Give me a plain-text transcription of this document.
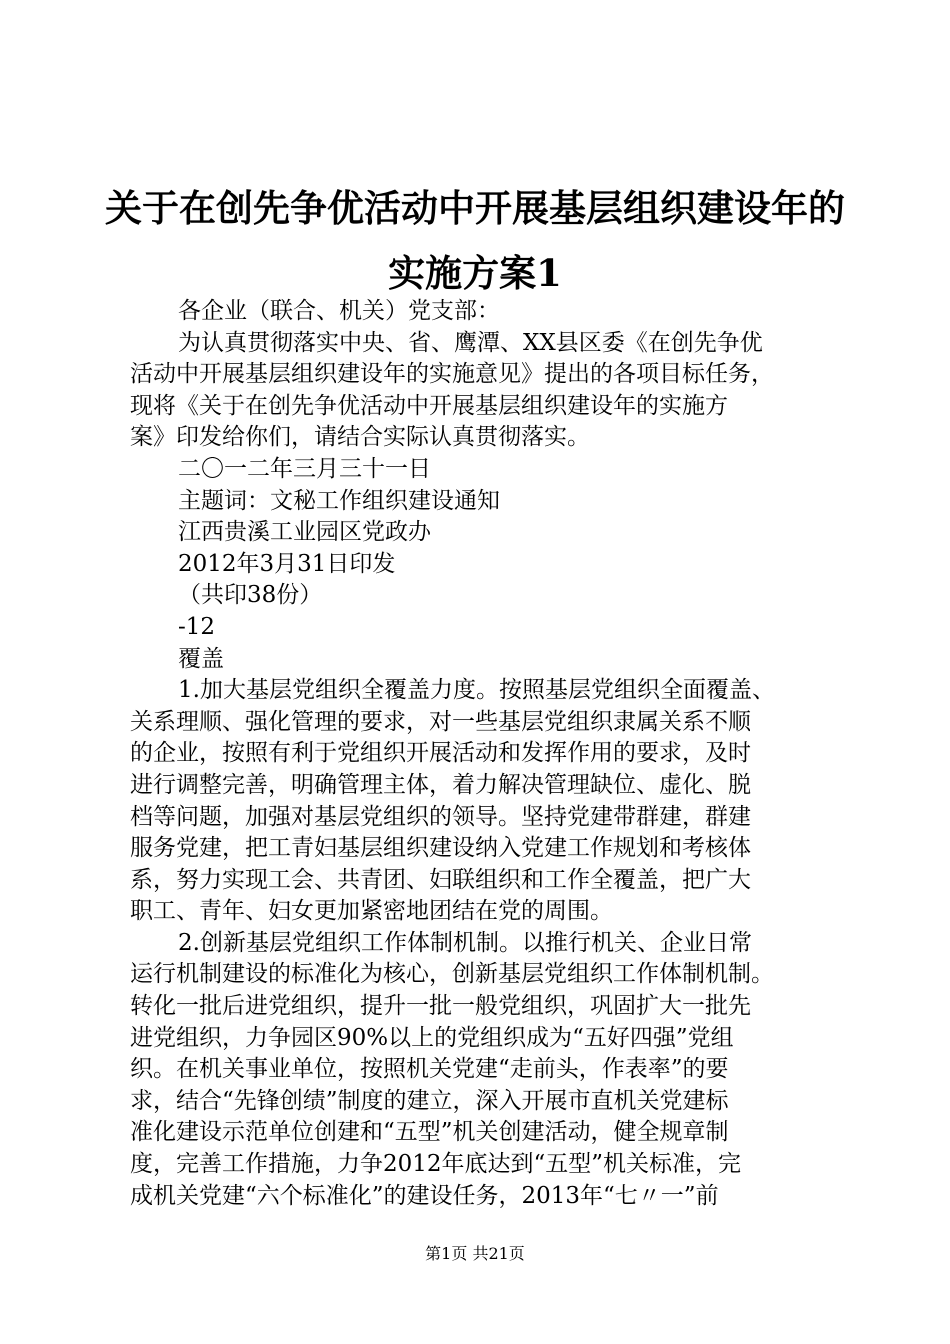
关于在创先争优活动中开展基层组织建设年的
实施方案1
各企业（联合、机关）党支部：
为认真贯彻落实中央、省、鹰潭、XX县区委《在创先争优
活动中开展基层组织建设年的实施意见》提出的各项目标任务，
现将《关于在创先争优活动中开展基层组织建设年的实施方
案》印发给你们，请结合实际认真贯彻落实。
二〇一二年三月三十一日
主题词：文秘工作组织建设通知
江西贵溪工业园区党政办
2012年3月31日印发
（共印38份）
-12
覆盖
1.加大基层党组织全覆盖力度。按照基层党组织全面覆盖、
关系理顺、强化管理的要求，对一些基层党组织隶属关系不顺
的企业，按照有利于党组织开展活动和发挥作用的要求，及时
进行调整完善，明确管理主体，着力解决管理缺位、虚化、脱
档等问题，加强对基层党组织的领导。坚持党建带群建，群建
服务党建，把工青妇基层组织建设纳入党建工作规划和考核体
系，努力实现工会、共青团、妇联组织和工作全覆盖，把广大
职工、青年、妇女更加紧密地团结在党的周围。
2.创新基层党组织工作体制机制。以推行机关、企业日常
运行机制建设的标准化为核心，创新基层党组织工作体制机制。
转化一批后进党组织，提升一批一般党组织，巩固扩大一批先
进党组织，力争园区90%以上的党组织成为“五好四强”党组
织。在机关事业单位，按照机关党建“走前头，作表率”的要
求，结合“先锋创绩”制度的建立，深入开展市直机关党建标
准化建设示范单位创建和“五型”机关创建活动，健全规章制
度，完善工作措施，力争2012年底达到“五型”机关标准，完
成机关党建“六个标准化”的建设任务，2013年“七〃一”前
第1页 共21页
